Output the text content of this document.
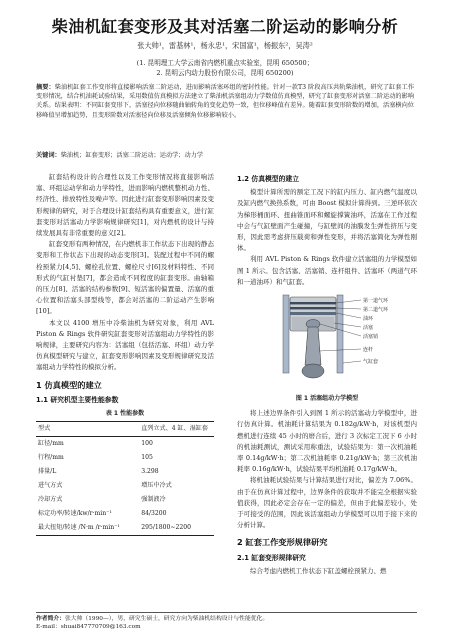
柴油机缸套变形及其对活塞二阶运动的影响分析
张大帅¹，雷基林¹，杨永忠¹，宋国富¹，杨振东²，吴涛²
(1. 昆明理工大学云南省内燃机重点实验室，昆明 650500；
2. 昆明云内动力股份有限公司，昆明 650200)
摘要：柴油机缸套工作变形将直接影响活塞二阶运动，进而影响活塞环组的密封性能。针对一款T3 阶段高压共轨柴油机，研究了缸套工作变形情况，结合机油耗试验结果，采用数值仿真模拟方法建立了柴油机活塞组动力学数值仿真模型，研究了缸套变形对活塞二阶运动的影响关系。结果表明：不同缸套变形下，活塞径向位移随曲轴转角的变化趋势一致，但位移峰值有差异。随着缸套变形阶数的增加，活塞横向位移峰值呈增加趋势，且变形阶数对活塞径向位移及活塞倾角位移影响较小。
关键词：柴油机；缸套变形；活塞二阶运动；运动学；动力学

缸套结构设计的合理性以及工作变形情况将直接影响活塞、环组运动学和动力学特性，进而影响内燃机整机动力性、经济性、排放特性及噪声等。因此进行缸套变形影响因素及变形规律的研究，对于合理设计缸套结构具有重要意义，进行缸套变形对活塞动力学影响规律研究[1]，对内燃机的设计与持续发展具有非常重要的意义[2]。

缸套变形有两种情况，在内燃机非工作状态下出现的静态变形和工作状态下出现的动态变形[3]。装配过程中不同的螺栓预紧力[4,5]、螺栓孔位置、螺栓尺寸[6]及材料特性、不同形式的气缸衬垫[7]，都会造成不同程度的缸套变形。曲轴箱的压力[8]、活塞的结构参数[9]、短活塞的偏置量、活塞的重心位置和活塞头部型线等，都会对活塞的二阶运动产生影响[10]。

本文以 4100 增压中冷柴油机为研究对象，利用 AVL Piston & Rings 软件研究缸套变形对活塞组动力学特性的影响规律，主要研究内容为：活塞组（包括活塞、环组）动力学仿真模型研究与建立，缸套变形影响因素及变形规律研究及活塞组动力学特性的模拟分析。

1 仿真模型的建立
1.1 研究机型主要性能参数
表 1 性能参数
型式	直列立式、4 缸、湿缸套
缸径/mm	100
行程/mm	105
排量/L	3.298
进气方式	增压中冷式
冷却方式	强制液冷
标定功率/转速/kw/r·min⁻¹	84/3200
最大扭矩/转速 /N·m /r·min⁻¹	295/1800~2200
1.2 仿真模型的建立

模型计算所需的额定工况下的缸内压力、缸内燃气温度以及缸内燃气换热系数，可由 Boost 模拟计算得到。三逆环依次为梯形桶面环、扭曲锥面环和螺旋撑簧油环，活塞在工作过程中会与气缸壁面产生碰撞，与缸壁间的油膜发生弹性挤压与变形，因此需考虑挤压载荷和弹性变形，并将活塞简化为弹性刚体。

利用 AVL Piston & Rings 软件建立活塞组的力学模型如图 1 所示。包含活塞、活塞销、连杆组件、活塞环（两道气环和一道油环）和气缸套。

第一道气环
第二道气环
油环
活塞
活塞销
连杆
气缸套
图 1 活塞组动力学模型

将上述边界条件引入到图 1 所示的活塞动力学模型中，进行仿真计算。机油耗计算结果为 0.182g/kW·h，对该机型内燃机进行连续 45 小时的磨合后，进行 3 次标定工况下 6 小时的机油耗测试，测试采用称重法，试验结果为：第一次机油耗率 0.14g/kW·h；第二次机油耗率 0.21g/kW·h；第三次机油耗率 0.16g/kW·h，试验结果平均机油耗 0.17g/kW·h。

将机油耗试验结果与计算结果进行对比，偏差为 7.06%。由于在仿真计算过程中，边界条件的获取并不能完全根据实验值获得，因此必定会存在一定的偏差，但由于此偏差较小，处于可接受的范围，因此该活塞组动力学模型可以用于接下来的分析计算。

2 缸套工作变形规律研究
2.1 缸套变形规律研究

综合考虑内燃机工作状态下缸盖螺栓预紧力、燃

作者简介：张大帅（1990—），男，研究生硕士，研究方向为柴油机结构设计与性能优化。
E-mail：shuai847770709@163.com
